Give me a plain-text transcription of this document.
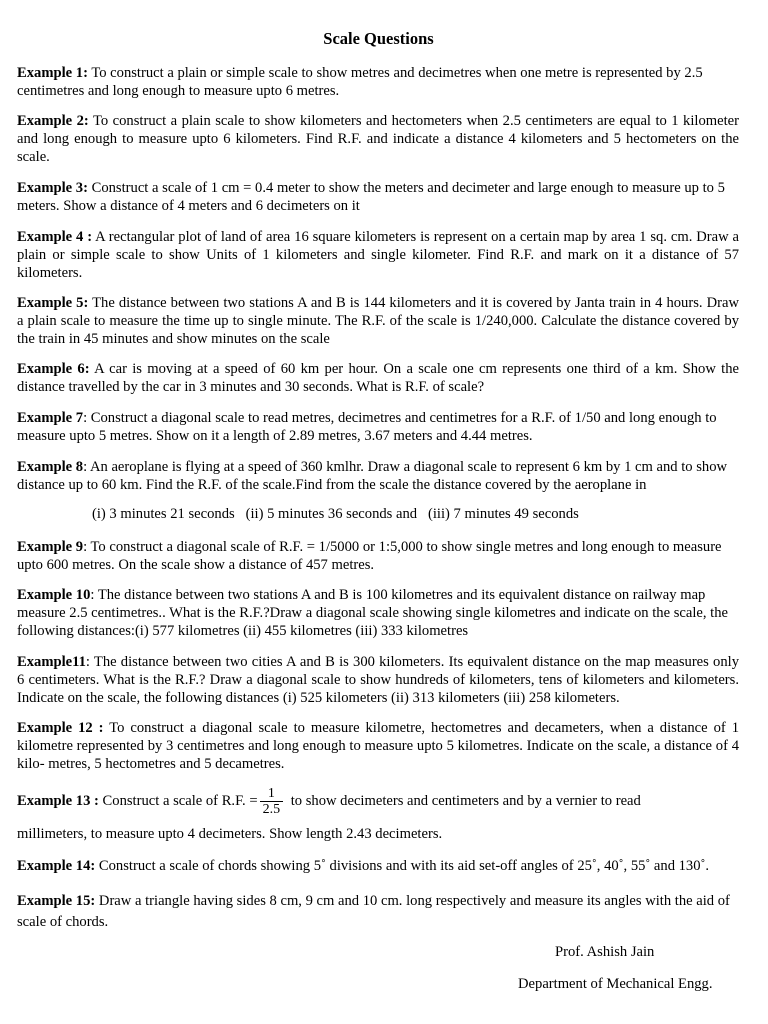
Scale Questions

Example 1: To construct a plain or simple scale to show metres and decimetres when one metre is represented by 2.5 centimetres and long enough to measure upto 6 metres.

Example 2: To construct a plain scale to show kilometers and hectometers when 2.5 centimeters are equal to 1 kilometer and long enough to measure upto 6 kilometers. Find R.F. and indicate a distance 4 kilometers and 5 hectometers on the scale.

Example 3: Construct a scale of 1 cm = 0.4 meter to show the meters and decimeter and large enough to measure up to 5 meters. Show a distance of 4 meters and 6 decimeters on it

Example 4 : A rectangular plot of land of area 16 square kilometers is represent on a certain map by area 1 sq. cm. Draw a plain or simple scale to show Units of 1 kilometers and single kilometer. Find R.F. and mark on it a distance of 57 kilometers.

Example 5: The distance between two stations A and B is 144 kilometers and it is covered by Janta train in 4 hours. Draw a plain scale to measure the time up to single minute. The R.F. of the scale is 1/240,000. Calculate the distance covered by the train in 45 minutes and show minutes on the scale

Example 6: A car is moving at a speed of 60 km per hour. On a scale one cm represents one third of a km. Show the distance travelled by the car in 3 minutes and 30 seconds. What is R.F. of scale?

Example 7: Construct a diagonal scale to read metres, decimetres and centimetres for a R.F. of 1/50 and long enough to measure upto 5 metres. Show on it a length of 2.89 metres, 3.67 meters and 4.44 metres.

Example 8: An aeroplane is flying at a speed of 360 kmlhr. Draw a diagonal scale to represent 6 km by 1 cm and to show distance up to 60 km. Find the R.F. of the scale.Find from the scale the distance covered by the aeroplane in

(i) 3 minutes 21 seconds   (ii) 5 minutes 36 seconds and   (iii) 7 minutes 49 seconds

Example 9: To construct a diagonal scale of R.F. = 1/5000 or 1:5,000 to show single metres and long enough to measure upto 600 metres. On the scale show a distance of 457 metres.

Example 10: The distance between two stations A and B is 100 kilometres and its equivalent distance on railway map measure 2.5 centimetres.. What is the R.F.?Draw a diagonal scale showing single kilometres and indicate on the scale, the following distances:(i) 577 kilometres (ii) 455 kilometres (iii) 333 kilometres

Example11: The distance between two cities A and B is 300 kilometers. Its equivalent distance on the map measures only 6 centimeters. What is the R.F.? Draw a diagonal scale to show hundreds of kilometers, tens of kilometers and kilometers. Indicate on the scale, the following distances (i) 525 kilometers (ii) 313 kilometers (iii) 258 kilometers.

Example 12 : To construct a diagonal scale to measure kilometre, hectometres and decameters, when a distance of 1 kilometre represented by 3 centimetres and long enough to measure upto 5 kilometres. Indicate on the scale, a distance of 4 kilo- metres, 5 hectometres and 5 decametres.

Example 13 : Construct a scale of R.F. = $\frac{1}{2.5}$ to show decimeters and centimeters and by a vernier to read

millimeters, to measure upto 4 decimeters. Show length 2.43 decimeters.

Example 14: Construct a scale of chords showing 5˚ divisions and with its aid set-off angles of 25˚, 40˚, 55˚ and 130˚.

Example 15: Draw a triangle having sides 8 cm, 9 cm and 10 cm. long respectively and measure its angles with the aid of scale of chords.

Prof. Ashish Jain
Department of Mechanical Engg.
